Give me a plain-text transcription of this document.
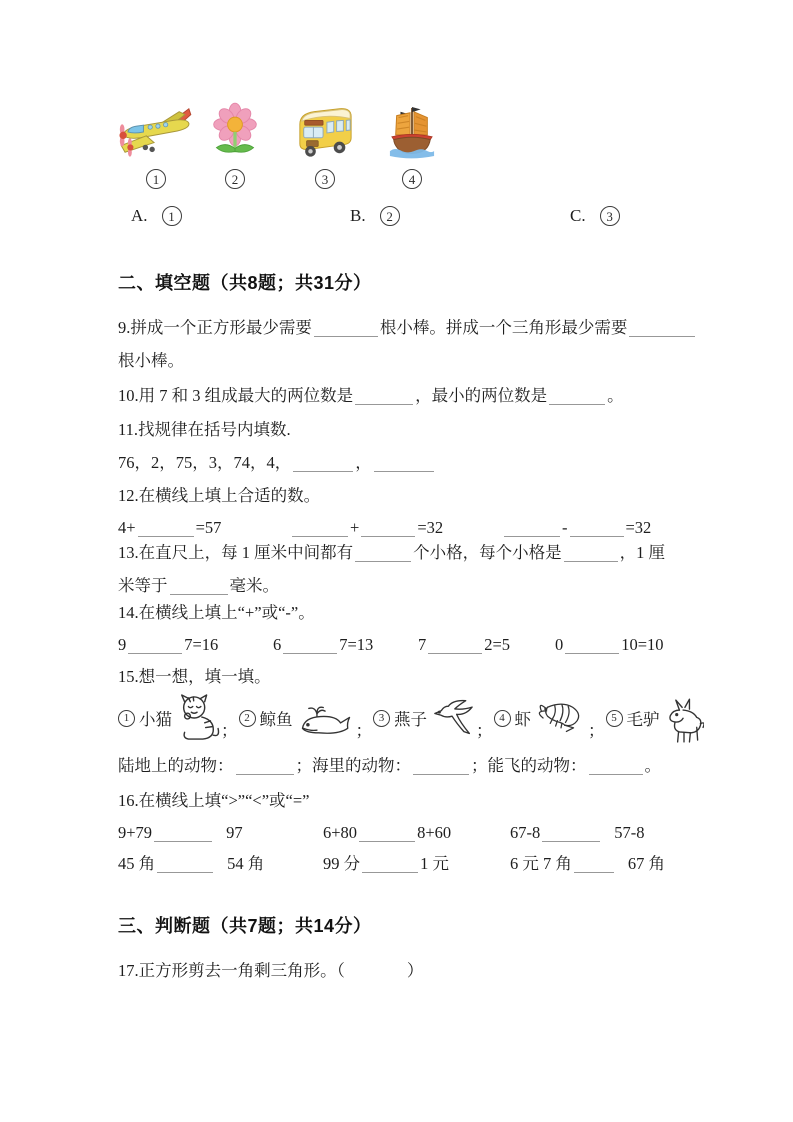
1	2	3	4
A.	1	B.	2	C.	3
二、填空题（共8题；共31分）
9.拼成一个正方形最少需要	根小棒。拼成一个三角形最少需要
根小棒。
10.用 7 和 3 组成最大的两位数是	，最小的两位数是	。
11.找规律在括号内填数.
76，2，75，3，74，4，	，
12.在横线上填上合适的数。
4+	=57	+	=32	-	=32
13.在直尺上，每 1 厘米中间都有	个小格，每个小格是	，1 厘
米等于	毫米。
14.在横线上填上“+”或“-”。
9	7=16	6	7=13	7	2=5	0	10=10
15.想一想，填一填。
陆地上的动物：	；海里的动物：	；能飞的动物：	。
16.在横线上填“>”“<”或“=”
9+79	97	6+80	8+60	67-8	57-8
45 角	54 角	99 分	1 元	6 元 7 角	67 角
三、判断题（共7题；共14分）
17.正方形剪去一角剩三角形。（	）
1 小猫
；
2 鲸鱼
；
3 燕子
；
4 虾
；
5 毛驴
